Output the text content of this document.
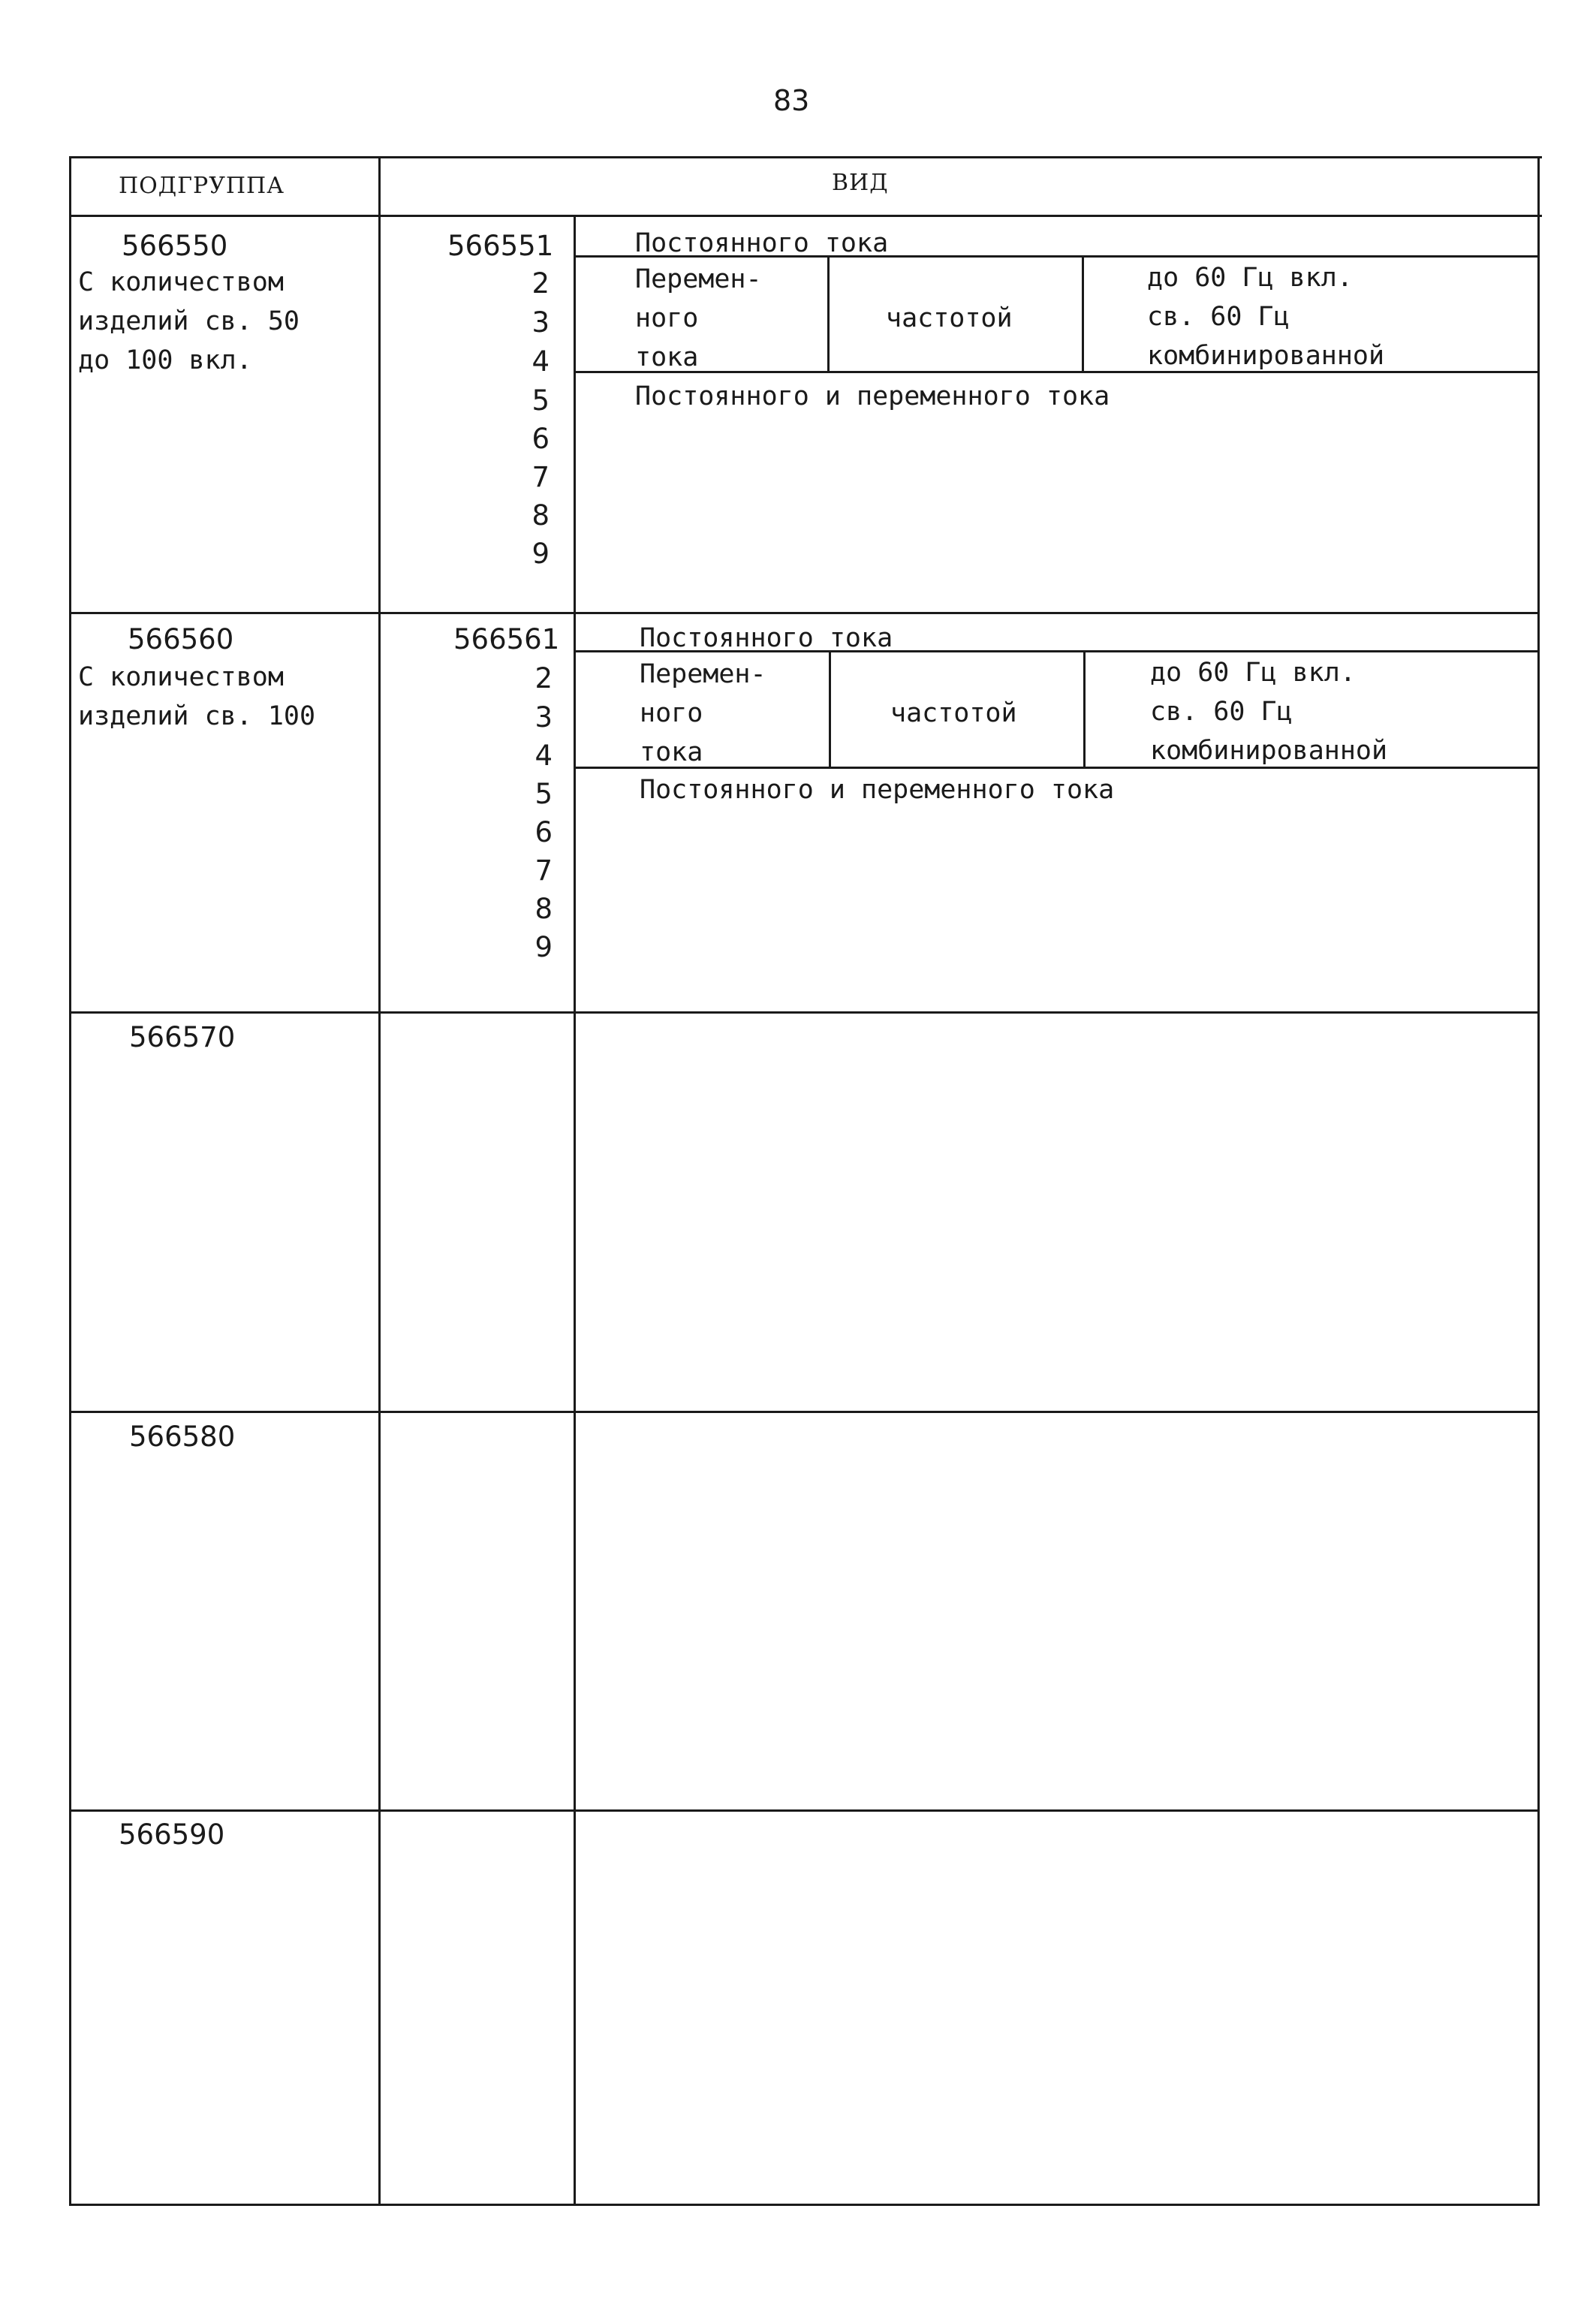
83
ПОДГРУППА	ВИД
566550
С количеством
изделий св. 50
до 100 вкл.
566551
2
3
4
5
6
7
8
9
Постоянного тока
Перемен-
ного
тока
частотой
до 60 Гц вкл.
св. 60 Гц
комбинированной
Постоянного и переменного тока
566560
С количеством
изделий св. 100
566561
2
3
4
5
6
7
8
9
Постоянного тока
Перемен-
ного
тока
частотой
до 60 Гц вкл.
св. 60 Гц
комбинированной
Постоянного и переменного тока
566570
566580
566590
